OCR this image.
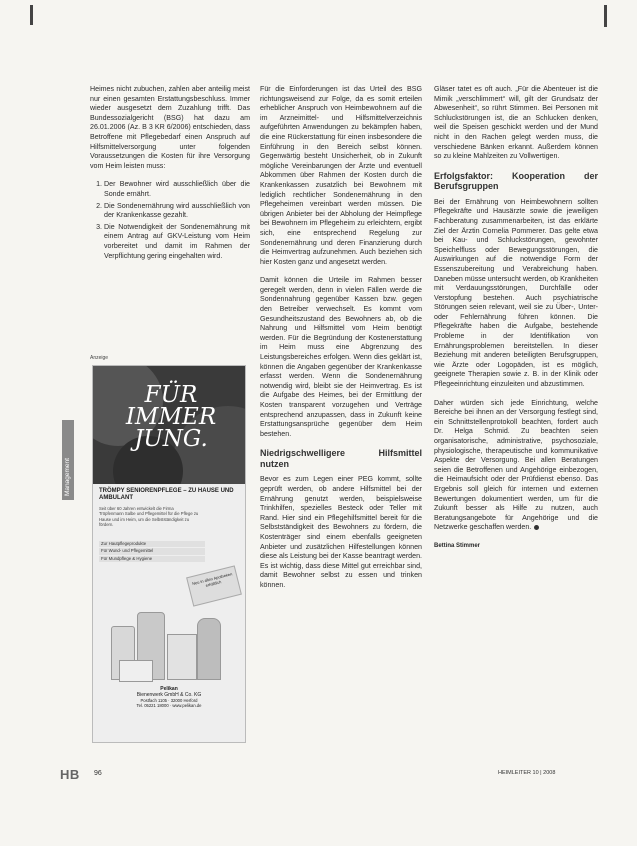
Heimes nicht zubuchen, zahlen aber anteilig meist nur einen gesamten Erstattungsbeschluss. Immer wieder ausgesetzt dem Zuzahlung trifft. Das Bundessozialgericht (BSG) hat dazu am 26.01.2006 (Az. B 3 KR 6/2006) entschieden, dass Betroffene mit Pflegebedarf einen Anspruch auf Hilfsmittelversorgung unter folgenden Voraussetzungen die Kosten für ihre Versorgung vom Heim leisten muss:

1. Der Bewohner wird ausschließlich über die Sonde ernährt.
2. Die Sondenernährung wird ausschließlich von der Krankenkasse gezahlt.
3. Die Notwendigkeit der Sondenernährung mit einem Antrag auf GKV-Leistung vom Heim vorbereitet und damit im Rahmen der Verpflichtung gering eingehalten wird.
Anzeige
FÜR
IMMER
JUNG.
TRÖMPY SENIORENPFLEGE – ZU HAUSE UND AMBULANT
Seit über 60 Jahren entwickelt die Firma Tröpfenmann Salbe und Pflegemittel für die Pflege zu Hause und im Heim, um die Selbstständigkeit zu fördern.
Zur Hautpflegeprodukte
Für Wund- und Pflegemittel
Für Mundpflege & Hygiene
Neu in allen Apotheken erhältlich
Pelikan
Bienenwerk GmbH & Co. KG
Postfach 1105 · 32000 Herford
Tel. 05221 18000 · www.pelikan.de
Management

Für die Einforderungen ist das Urteil des BSG richtungsweisend zur Folge, da es somit erteilen erheblicher Anspruch von Heimbewohnern auf die im Arzneimittel- und Hilfsmittelverzeichnis aufgeführten Anwendungen zu bekämpfen haben, die eine Rückerstattung für einen insbesondere die Einführung in den Bereich selbst können. Gegenwärtig besteht Unsicherheit, ob in Zukunft mögliche Vereinbarungen der Ärzte und eventuell Abkommen über Rahmen der Kosten durch die Krankenkassen zusatzlich bei Bewohnern mit lediglich rechtlicher Sondenernährung in den Pflegeheimen vereinbart werden müssen. Die übrigen Anbieter bei der Abholung der Heimpflege bei Bewohnern im Pflegeheim zu erleichtern, ergibt sich, eine entsprechend Regelung zur Sondenernährung und deren Finanzierung durch die Heimvertrag aufzunehmen. Auch beziehen sich hier Kosten ganz und angesetzt werden.

Damit können die Urteile im Rahmen besser geregelt werden, denn in vielen Fällen werde die Sondennahrung gegenüber Kassen bzw. gegen den Betreiber verwechselt. Es kommt vom Gesundheitszustand des Bewohners ab, ob die Nahrung und Hilfsmittel vom Heim benötigt werden. Für die Begründung der Kostenerstattung im Heim muss eine Abgrenzung des Leistungsbereiches erfolgen. Wenn dies geklärt ist, können die Angaben gegenüber der Krankenkasse erfasst werden. Wenn die Sondenernährung notwendig wird, bleibt sie der Heimvertrag. Es ist die Aufgabe des Heimes, bei der Ermittlung der Kosten transparent vorzugehen und Verträge entsprechend anzupassen, dass in Zukunft keine Erstattungsansprüche gegenüber dem Heim bestehen.

Niedrigschwelligere Hilfsmittel nutzen

Bevor es zum Legen einer PEG kommt, sollte geprüft werden, ob andere Hilfsmittel bei der Ernährung genutzt werden, beispielsweise Trinkhilfen, spezielles Besteck oder Teller mit Rand. Hier sind ein Pflegehilfsmittel bereit für die Selbstständigkeit des Bewohners zu fördern, die Kostenträger sind einem ebenfalls geeigneten Anbieter und zusätzlichen Hilfestellungen können diese als Leistung bei der Kasse beantragt werden. Es ist wichtig, dass diese Mittel gut erreichbar sind, damit Bewohner selbst zu essen und trinken können.

Gläser tatet es oft auch. „Für die Abenteuer ist die Mimik „verschlimmert“ will, gilt der Grundsatz der Abwesenheit“, so rührt Stimmen. Bei Personen mit Schluckstörungen ist, die an Schlucken denken, weil die Speisen geschickt werden und der Mund nicht in den Rachen gelegt werden muss, die verschiedene Bänken erkannt. Außerdem können so zu kleine Mahlzeiten zu Vollwertigen.

Erfolgsfaktor: Kooperation der Berufsgruppen

Bei der Ernährung von Heimbewohnern sollten Pflegekräfte und Hausärzte sowie die jeweiligen Fachberatung zusammenarbeiten, ist das erklärte Ziel der Ärztin Cornelia Pommerer. Das gelte etwa bei Kau- und Schluckstörungen, gewohnter Speichelfluss oder Bewegungsstörungen, die Auswirkungen auf die notwendige Form der Essenszubereitung und Verabreichung haben. Daneben müsse untersucht werden, ob Krankheiten mit Verdauungsstörungen, Durchfälle oder Verstopfung bestehen. Auch psychiatrische Störungen seien relevant, weil sie zu Über-, Unter- oder Fehlernährung führen können. Die Pflegekräfte haben die Aufgabe, bestehende Probleme in der Identifikation von Ernährungsproblemen bereitstellen. In dieser Beziehung mit anderen beteiligten Berufsgruppen, wie Ärzte oder Logopäden, ist es möglich, geeignete Therapien sowie z. B. in der Klinik oder Pflegeeinrichtung einzuleiten und abzustimmen.

Daher würden sich jede Einrichtung, welche Bereiche bei ihnen an der Versorgung festlegt sind, ein Schnittstellenprotokoll beachten, fordert auch Dr. Helga Schmid. Zu beachten seien organisatorische, administrative, psychosoziale, physiologische, therapeutische und kommunikative Aspekte der Versorgung. Bei allen Beratungen seien die Betroffenen und Angehörige einbezogen, die Heimaufsicht oder der Prüfdienst ebenso. Das Ergebnis soll gleich für internen und externen Bewertungen dokumentiert werden, um für die Zukunft besser als Hilfe zu nutzen, auch Beratungsangebote für Angehörige und die Netzwerke geschaffen werden.

Bettina Stimmer
HB 96	HEIMLEITER 10 | 2008
